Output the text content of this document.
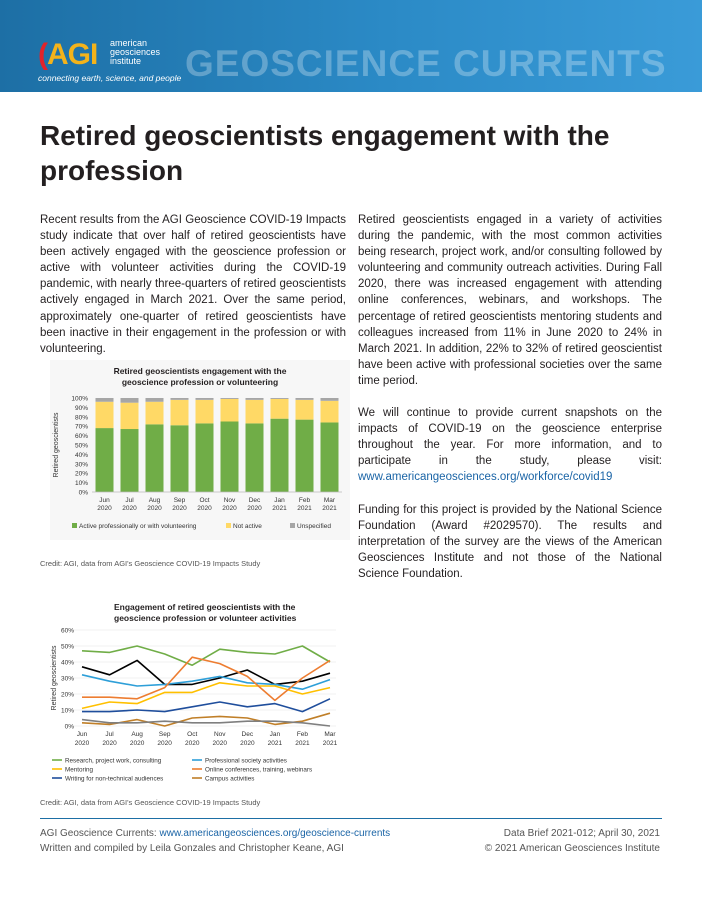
(AGI american
geosciences
institute
connecting earth, science, and people GEOSCIENCE CURRENTS
Retired geoscientists engagement with the profession

Recent results from the AGI Geoscience COVID-19 Impacts study indicate that over half of retired geoscientists have been actively engaged with the geoscience profession or active with volunteer activities during the COVID-19 pandemic, with nearly three-quarters of retired geoscientists actively engaged in March 2021. Over the same period, approximately one-quarter of retired geoscientists have been inactive in their engagement in the profession or with volunteering.

Retired geoscientists engaged in a variety of activities during the pandemic, with the most common activities being research, project work, and/or consulting followed by volunteering and community outreach activities. During Fall 2020, there was increased engagement with attending online conferences, webinars, and workshops. The percentage of retired geoscientists mentoring students and colleagues increased from 11% in June 2020 to 24% in March 2021. In addition, 22% to 32% of retired geoscientist have been active with professional societies over the same time period.

We will continue to provide current snapshots on the impacts of COVID-19 on the geoscience enterprise throughout the year. For more information, and to participate in the study, please visit: www.americangeosciences.org/workforce/covid19

Funding for this project is provided by the National Science Foundation (Award #2029570). The results and interpretation of the survey are the views of the American Geosciences Institute and not those of the National Science Foundation.

Retired geoscientists engagement with the
geoscience profession or volunteering
0%
10%
20%
30%
40%
50%
60%
70%
80%
90%
100%
Retired geoscientists
Jun
2020
Jul
2020
Aug
2020
Sep
2020
Oct
2020
Nov
2020
Dec
2020
Jan
2021
Feb
2021
Mar
2021
Active professionally or with volunteering	Not active	Unspecified
Credit: AGI, data from AGI's Geoscience COVID-19 Impacts Study
Engagement of retired geoscientists with the
geoscience profession or volunteer activities
0%
10%
20%
30%
40%
50%
60%
Retired geoscientists
Jun
2020
Jul
2020
Aug
2020
Sep
2020
Oct
2020
Nov
2020
Dec
2020
Jan
2021
Feb
2021
Mar
2021
Research, project work, consulting	Professional society activities
Mentoring	Online conferences, training, webinars
Writing for non-technical audiences	Campus activities
Credit: AGI, data from AGI's Geoscience COVID-19 Impacts Study
AGI Geoscience Currents: www.americangeosciences.org/geoscience-currents
Written and compiled by Leila Gonzales and Christopher Keane, AGI
Data Brief 2021-012; April 30, 2021
© 2021 American Geosciences Institute
